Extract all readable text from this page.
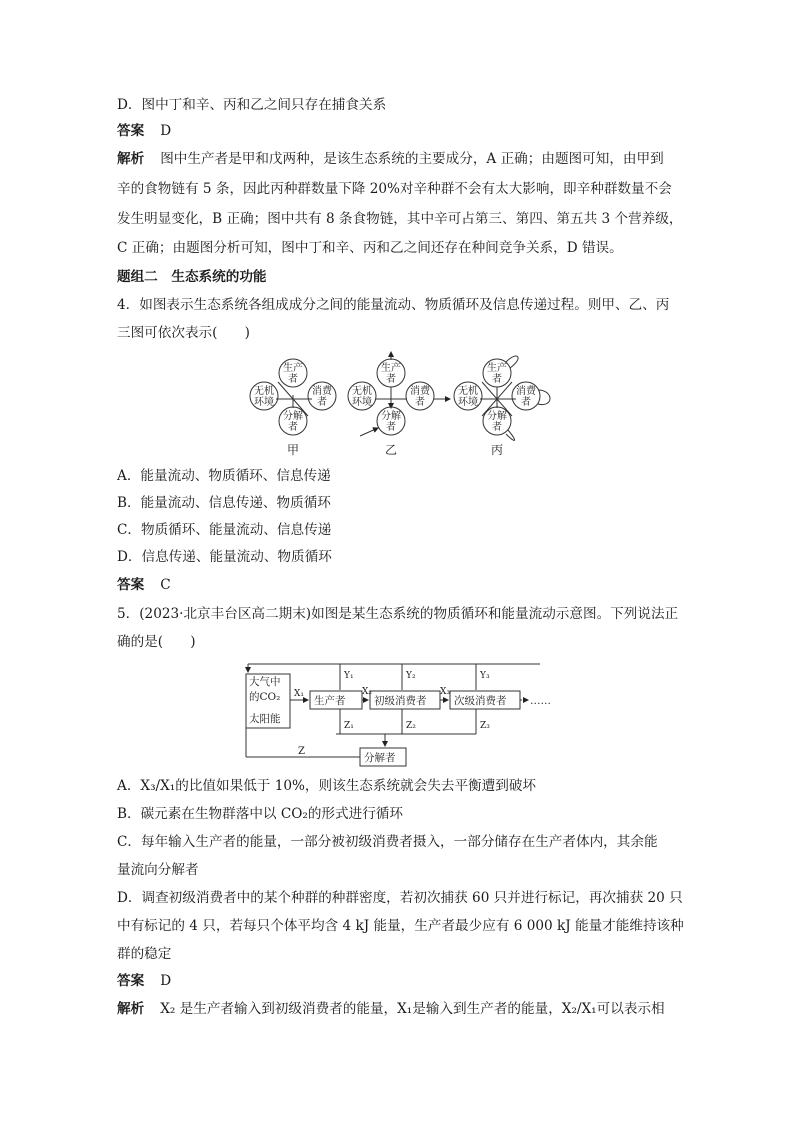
D．图中丁和辛、丙和乙之间只存在捕食关系
答案 D
解析 图中生产者是甲和戊两种，是该生态系统的主要成分，A 正确；由题图可知，由甲到
辛的食物链有 5 条，因此丙种群数量下降 20%对辛种群不会有太大影响，即辛种群数量不会
发生明显变化，B 正确；图中共有 8 条食物链，其中辛可占第三、第四、第五共 3 个营养级，
C 正确；由题图分析可知，图中丁和辛、丙和乙之间还存在种间竞争关系，D 错误。
题组二　生态系统的功能
4．如图表示生态系统各组成成分之间的能量流动、物质循环及信息传递过程。则甲、乙、丙
三图可依次表示(　　)
生产
者
无机
环境
消费
者
分解
者
甲
生产
者
无机
环境
消费
者
分解
者
乙
生产
者
无机
环境
消费
者
分解
者
丙
A．能量流动、物质循环、信息传递
B．能量流动、信息传递、物质循环
C．物质循环、能量流动、信息传递
D．信息传递、能量流动、物质循环
答案 C
5．(2023·北京丰台区高二期末)如图是某生态系统的物质循环和能量流动示意图。下列说法正
确的是(　　)
大气中
的CO₂
太阳能
生产者	初级消费者	次级消费者
分解者
……
X₁	X₂	X₃
Y₁	Y₂	Y₃
Z₁	Z₂	Z₃
Z
A．X₃/X₁的比值如果低于 10%，则该生态系统就会失去平衡遭到破坏
B．碳元素在生物群落中以 CO₂的形式进行循环
C．每年输入生产者的能量，一部分被初级消费者摄入，一部分储存在生产者体内，其余能
量流向分解者
D．调查初级消费者中的某个种群的种群密度，若初次捕获 60 只并进行标记，再次捕获 20 只
中有标记的 4 只，若每只个体平均含 4 kJ 能量，生产者最少应有 6 000 kJ 能量才能维持该种
群的稳定
答案 D
解析 X₂ 是生产者输入到初级消费者的能量，X₁是输入到生产者的能量，X₂/X₁可以表示相
